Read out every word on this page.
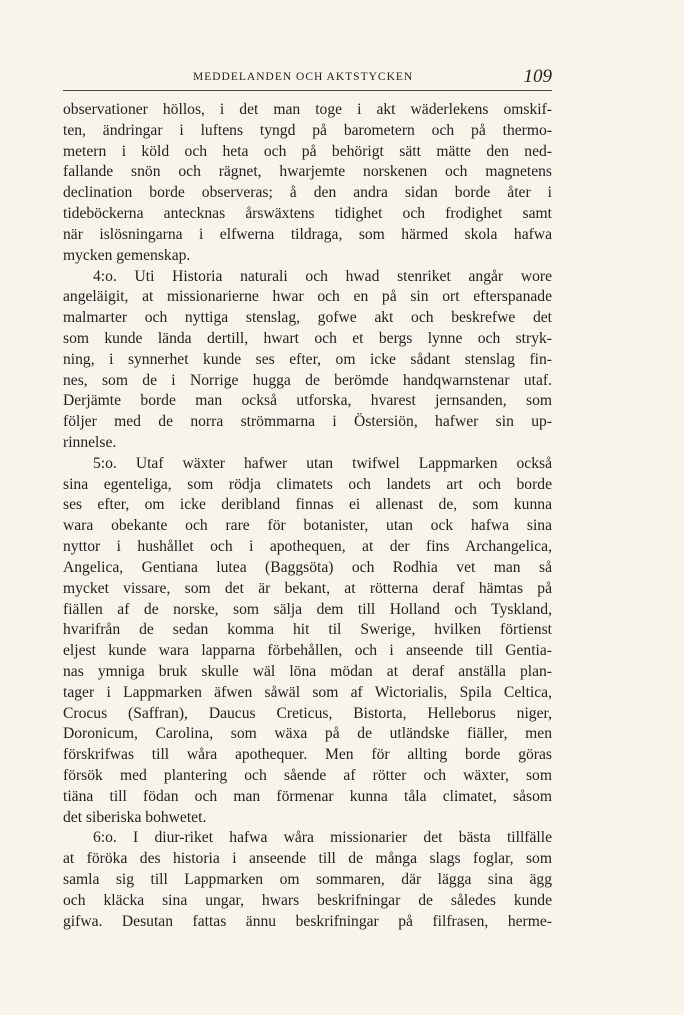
MEDDELANDEN OCH AKTSTYCKEN	109
observationer höllos, i det man toge i akt wäderlekens omskif-
ten, ändringar i luftens tyngd på barometern och på thermo-
metern i köld och heta och på behörigt sätt mätte den ned-
fallande snön och rägnet, hwarjemte norskenen och magnetens
declination borde observeras; å den andra sidan borde åter i
tideböckerna antecknas årswäxtens tidighet och frodighet samt
när islösningarna i elfwerna tildraga, som härmed skola hafwa
mycken gemenskap.
4:o. Uti Historia naturali och hwad stenriket angår wore
angeläigit, at missionarierne hwar och en på sin ort efterspanade
malmarter och nyttiga stenslag, gofwe akt och beskrefwe det
som kunde lända dertill, hwart och et bergs lynne och stryk-
ning, i synnerhet kunde ses efter, om icke sådant stenslag fin-
nes, som de i Norrige hugga de berömde handqwarnstenar utaf.
Derjämte borde man också utforska, hvarest jernsanden, som
följer med de norra strömmarna i Östersiön, hafwer sin up-
rinnelse.
5:o. Utaf wäxter hafwer utan twifwel Lappmarken också
sina egenteliga, som rödja climatets och landets art och borde
ses efter, om icke deribland finnas ei allenast de, som kunna
wara obekante och rare för botanister, utan ock hafwa sina
nyttor i hushållet och i apothequen, at der fins Archangelica,
Angelica, Gentiana lutea (Baggsöta) och Rodhia vet man så
mycket vissare, som det är bekant, at rötterna deraf hämtas på
fiällen af de norske, som sälja dem till Holland och Tyskland,
hvarifrån de sedan komma hit til Swerige, hvilken förtienst
eljest kunde wara lapparna förbehållen, och i anseende till Gentia-
nas ymniga bruk skulle wäl löna mödan at deraf anställa plan-
tager i Lappmarken äfwen såwäl som af Wictorialis, Spila Celtica,
Crocus (Saffran), Daucus Creticus, Bistorta, Helleborus niger,
Doronicum, Carolina, som wäxa på de utländske fiäller, men
förskrifwas till wåra apothequer. Men för allting borde göras
försök med plantering och sående af rötter och wäxter, som
tiäna till födan och man förmenar kunna tåla climatet, såsom
det siberiska bohwetet.
6:o. I diur-riket hafwa wåra missionarier det bästa tillfälle
at föröka des historia i anseende till de många slags foglar, som
samla sig till Lappmarken om sommaren, där lägga sina ägg
och kläcka sina ungar, hwars beskrifningar de således kunde
gifwa. Desutan fattas ännu beskrifningar på filfrasen, herme-
